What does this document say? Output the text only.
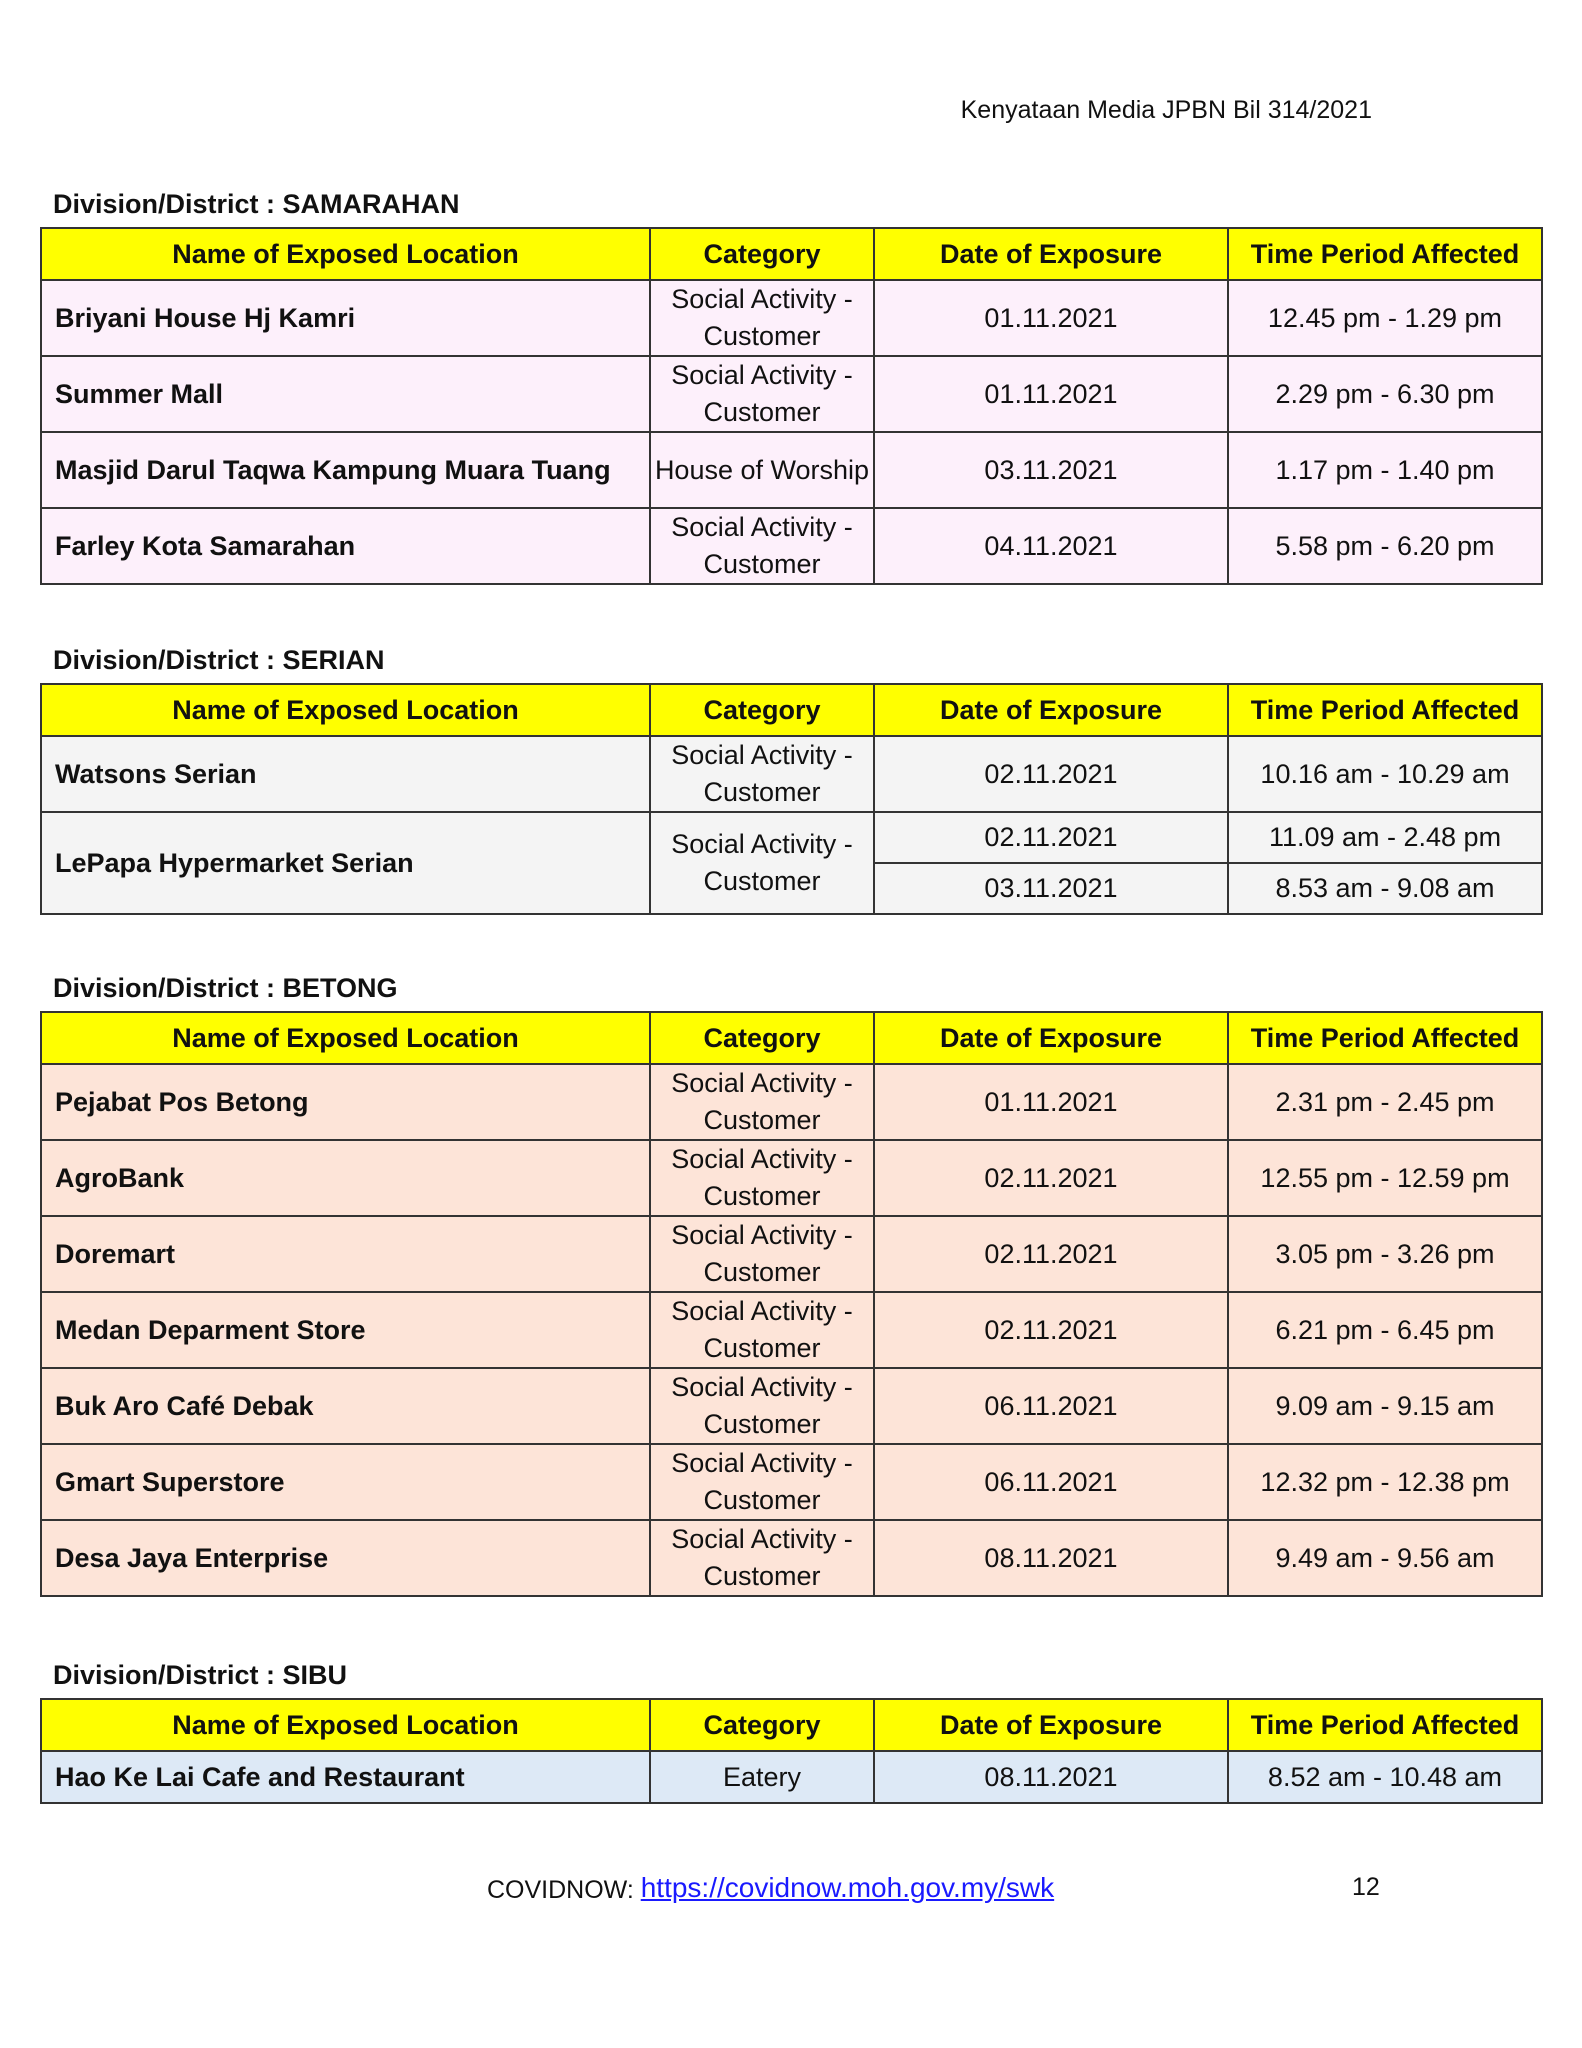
Kenyataan Media JPBN Bil 314/2021
Division/District : SAMARAHAN
Name of Exposed Location	Category	Date of Exposure	Time Period Affected
Briyani House Hj Kamri	Social Activity - Customer	01.11.2021	12.45 pm - 1.29 pm
Summer Mall	Social Activity - Customer	01.11.2021	2.29 pm - 6.30 pm
Masjid Darul Taqwa Kampung Muara Tuang	House of Worship	03.11.2021	1.17 pm - 1.40 pm
Farley Kota Samarahan	Social Activity - Customer	04.11.2021	5.58 pm - 6.20 pm
Division/District : SERIAN
Name of Exposed Location	Category	Date of Exposure	Time Period Affected
Watsons Serian	Social Activity - Customer	02.11.2021	10.16 am - 10.29 am
LePapa Hypermarket Serian	Social Activity - Customer	02.11.2021	11.09 am - 2.48 pm
		03.11.2021	8.53 am - 9.08 am
Division/District : BETONG
Name of Exposed Location	Category	Date of Exposure	Time Period Affected
Pejabat Pos Betong	Social Activity - Customer	01.11.2021	2.31 pm - 2.45 pm
AgroBank	Social Activity - Customer	02.11.2021	12.55 pm - 12.59 pm
Doremart	Social Activity - Customer	02.11.2021	3.05 pm - 3.26 pm
Medan Deparment Store	Social Activity - Customer	02.11.2021	6.21 pm - 6.45 pm
Buk Aro Café Debak	Social Activity - Customer	06.11.2021	9.09 am - 9.15 am
Gmart Superstore	Social Activity - Customer	06.11.2021	12.32 pm - 12.38 pm
Desa Jaya Enterprise	Social Activity - Customer	08.11.2021	9.49 am - 9.56 am
Division/District : SIBU
Name of Exposed Location	Category	Date of Exposure	Time Period Affected
Hao Ke Lai Cafe and Restaurant	Eatery	08.11.2021	8.52 am - 10.48 am
COVIDNOW: https://covidnow.moh.gov.my/swk	12
